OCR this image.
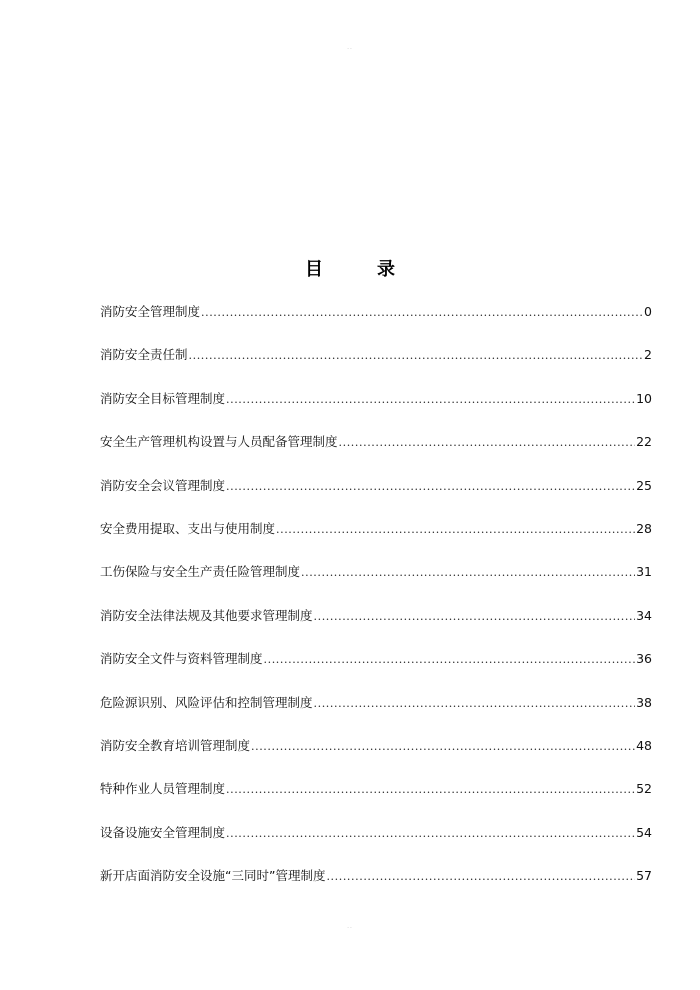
··
目　录
消防安全管理制度 .....	0
消防安全责任制 .....	2
消防安全目标管理制度 .....	10
安全生产管理机构设置与人员配备管理制度 .....	22
消防安全会议管理制度 .....	25
安全费用提取、支出与使用制度 .....	28
工伤保险与安全生产责任险管理制度 .....	31
消防安全法律法规及其他要求管理制度 .....	34
消防安全文件与资料管理制度 .....	36
危险源识别、风险评估和控制管理制度 .....	38
消防安全教育培训管理制度 .....	48
特种作业人员管理制度 .....	52
设备设施安全管理制度 .....	54
新开店面消防安全设施“三同时”管理制度 .....	57
··
